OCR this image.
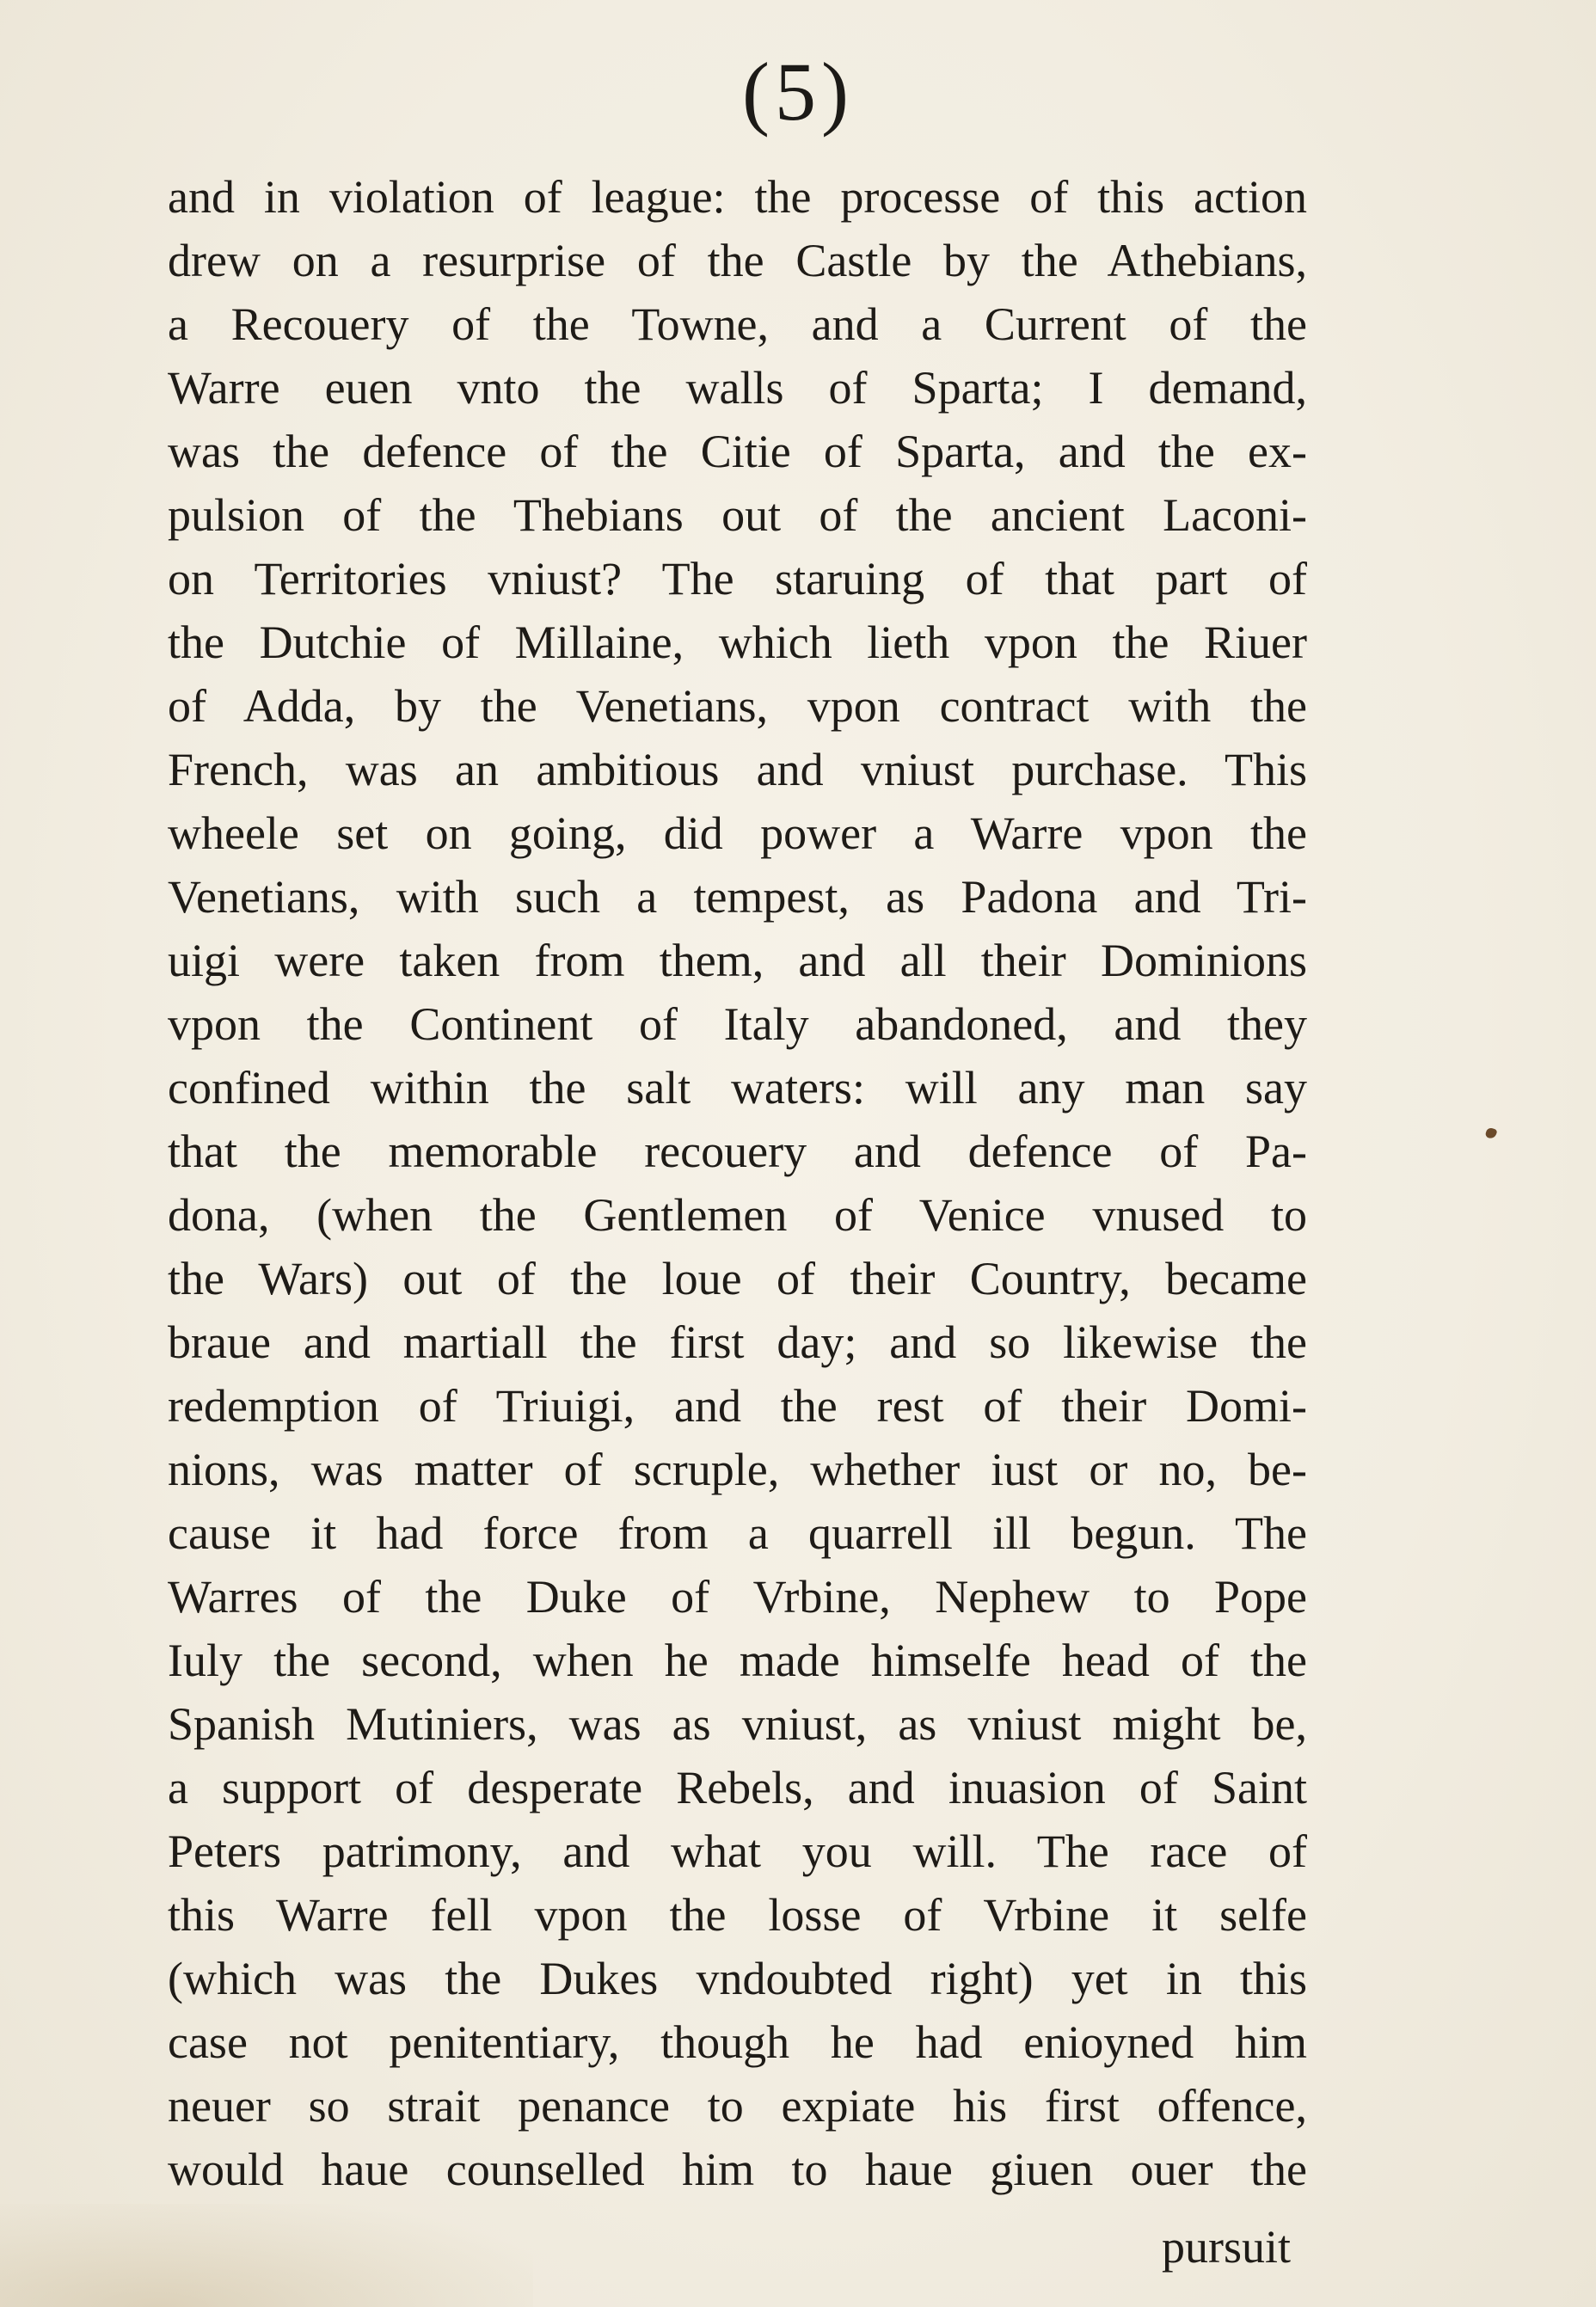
(5)
and in violation of league: the processe of this action
drew on a resurprise of the Castle by the Athebians,
a Recouery of the Towne, and a Current of the
Warre euen vnto the walls of Sparta; I demand,
was the defence of the Citie of Sparta, and the ex-
pulsion of the Thebians out of the ancient Laconi-
on Territories vniust? The staruing of that part of
the Dutchie of Millaine, which lieth vpon the Riuer
of Adda, by the Venetians, vpon contract with the
French, was an ambitious and vniust purchase. This
wheele set on going, did power a Warre vpon the
Venetians, with such a tempest, as Padona and Tri-
uigi were taken from them, and all their Dominions
vpon the Continent of Italy abandoned, and they
confined within the salt waters: will any man say
that the memorable recouery and defence of Pa-
dona, (when the Gentlemen of Venice vnused to
the Wars) out of the loue of their Country, became
braue and martiall the first day; and so likewise the
redemption of Triuigi, and the rest of their Domi-
nions, was matter of scruple, whether iust or no, be-
cause it had force from a quarrell ill begun. The
Warres of the Duke of Vrbine, Nephew to Pope
Iuly the second, when he made himselfe head of the
Spanish Mutiniers, was as vniust, as vniust might be,
a support of desperate Rebels, and inuasion of Saint
Peters patrimony, and what you will. The race of
this Warre fell vpon the losse of Vrbine it selfe
(which was the Dukes vndoubted right) yet in this
case not penitentiary, though he had enioyned him
neuer so strait penance to expiate his first offence,
would haue counselled him to haue giuen ouer the
pursuit
